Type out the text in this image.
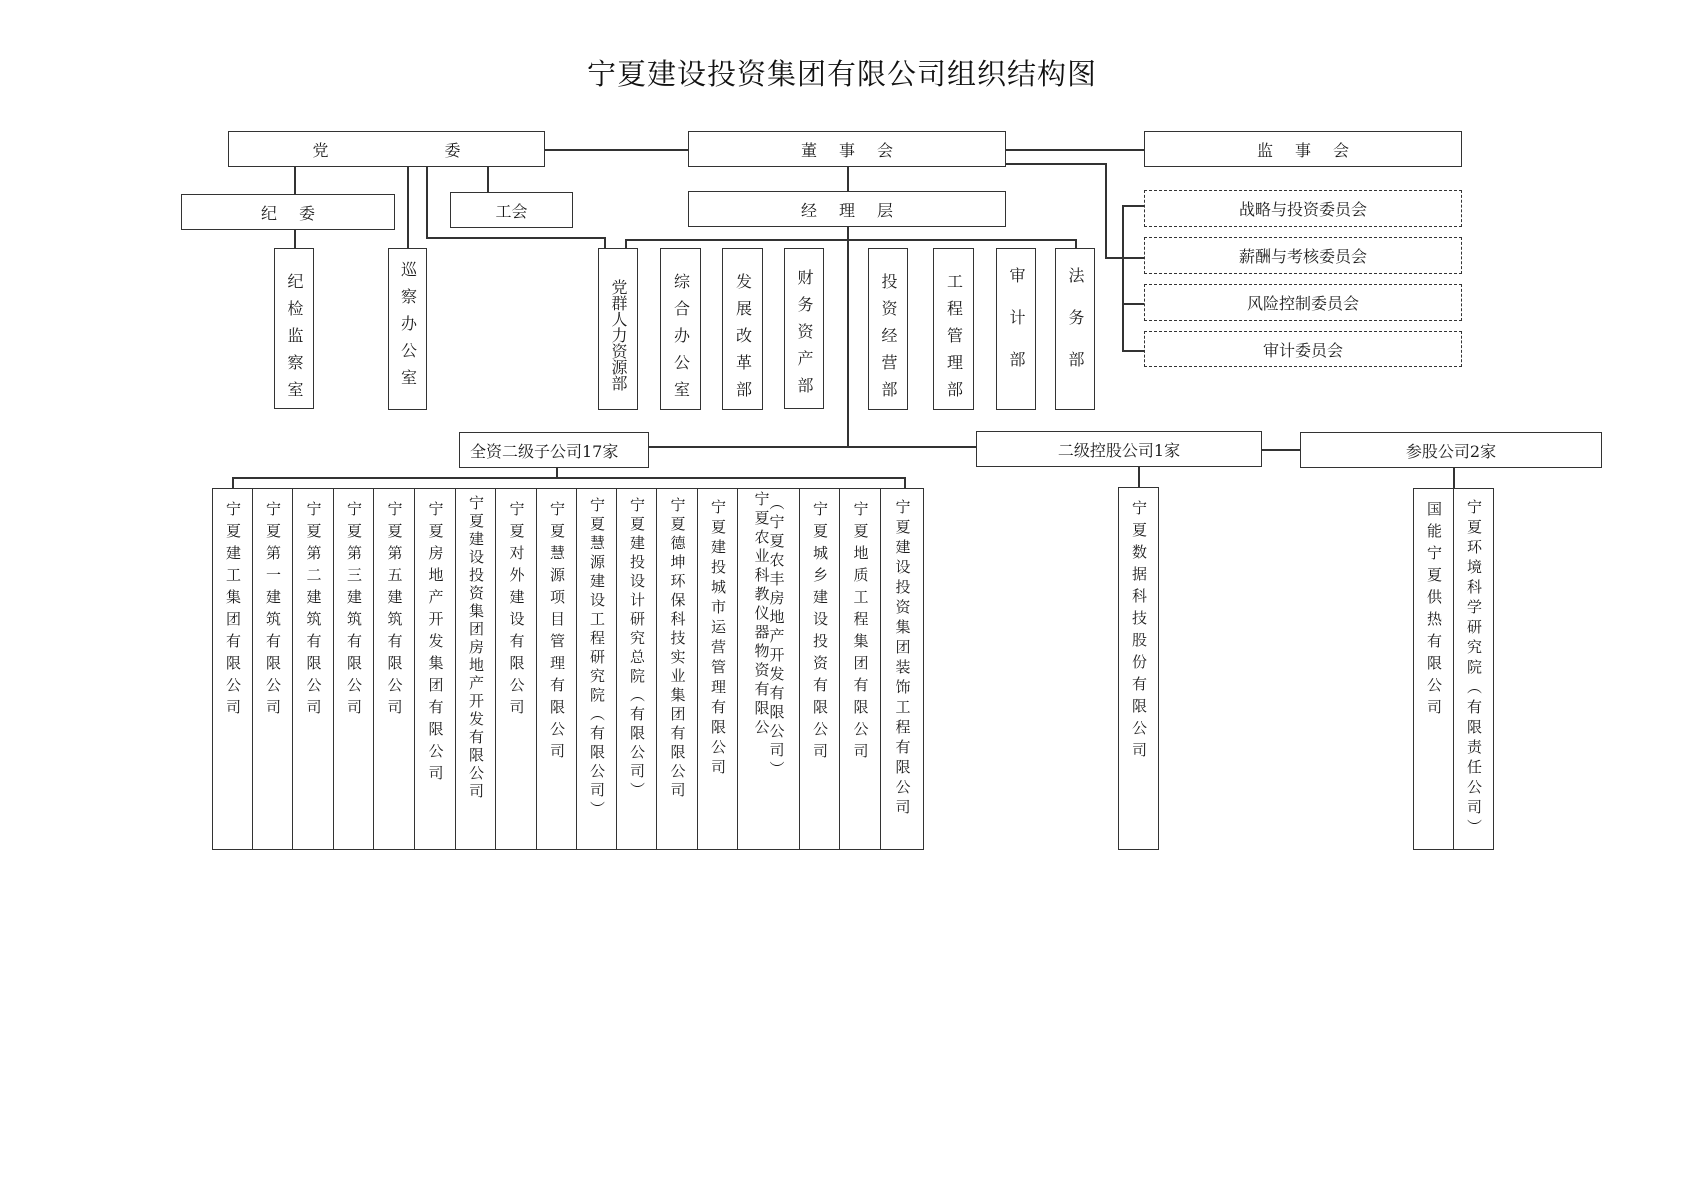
宁夏建设投资集团有限公司组织结构图
党　委	董事会	监事会
纪委	工会	经理层	战略与投资委员会
薪酬与考核委员会
风险控制委员会
审计委员会
纪检监察室	巡察办公室	党群人力资源部	综合办公室	发展改革部	财务资产部	投资经营部	工程管理部	审计部	法务部
全资二级子公司17家	二级控股公司1家	参股公司2家
宁夏建工集团有限公司 宁夏第一建筑有限公司 宁夏第二建筑有限公司 宁夏第三建筑有限公司 宁夏第五建筑有限公司 宁夏房地产开发集团有限公司 宁夏建设投资集团房地产开发有限公司 宁夏对外建设有限公司 宁夏慧源项目管理有限公司 宁夏慧源建设工程研究院（有限公司） 宁夏建投设计研究总院（有限公司） 宁夏德坤环保科技实业集团有限公司 宁夏建投城市运营管理有限公司	（宁夏农丰房地产开发有限公司）
宁夏农业科教仪器物资有限公	宁夏城乡建设投资有限公司 宁夏地质工程集团有限公司 宁夏建设投资集团装饰工程有限公司	宁夏数据科技股份有限公司	国能宁夏供热有限公司 宁夏环境科学研究院（有限责任公司）
